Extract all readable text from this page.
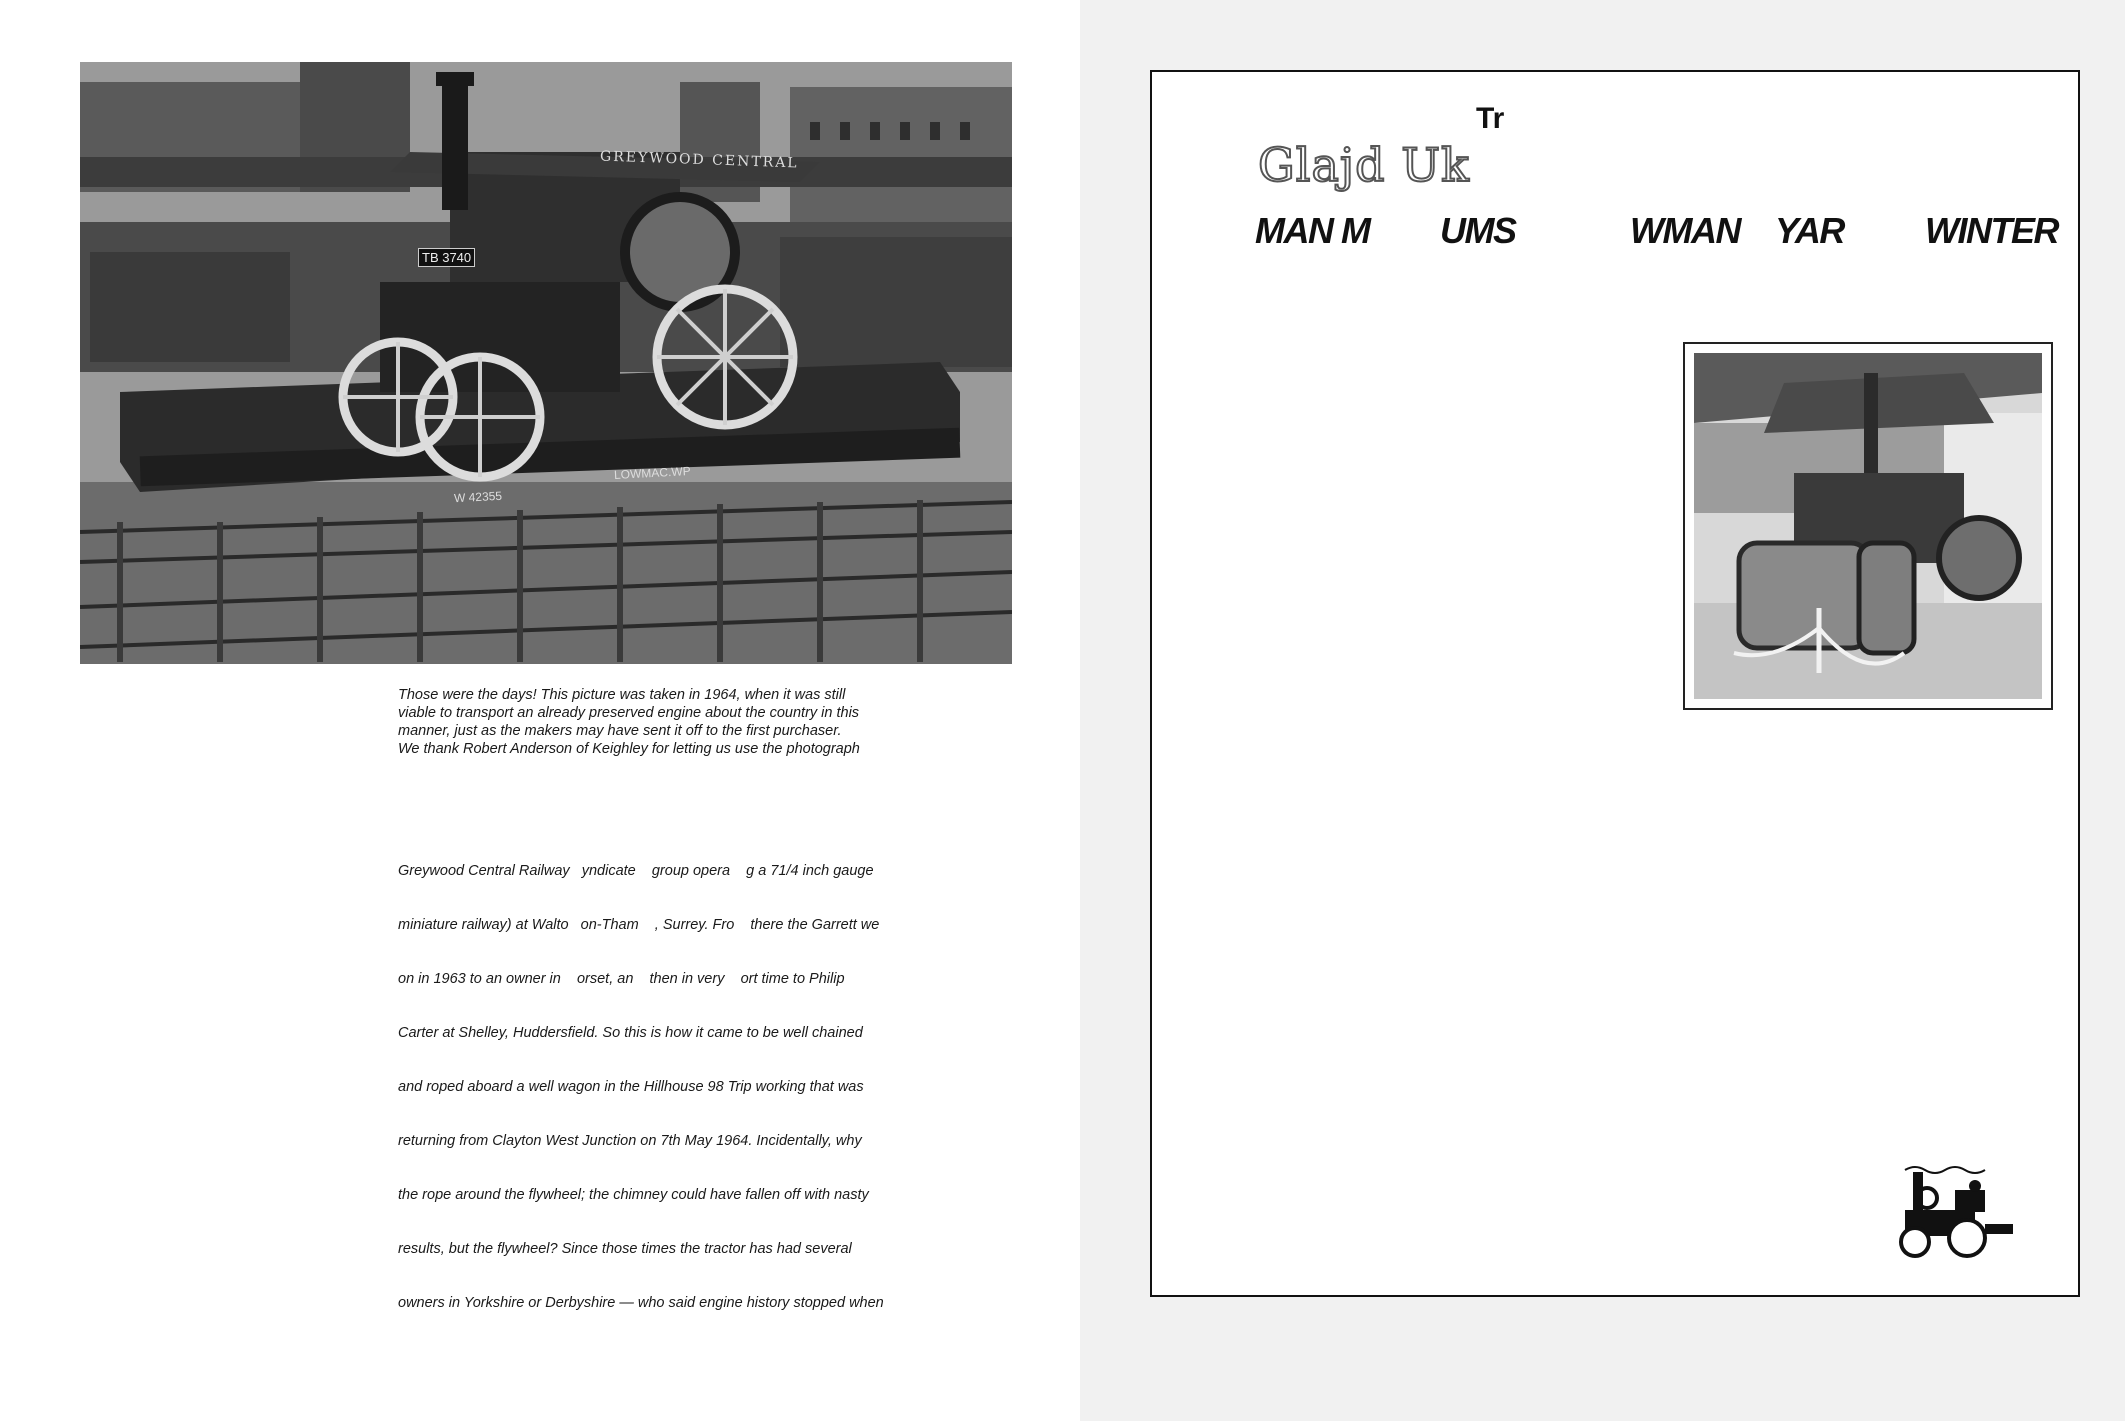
GREYWOOD CENTRAL
TB 3740
W 42355
LOWMAC.WP

Those were the days! This picture was taken in 1964, when it was still

viable to transport an already preserved engine about the country in this

manner, just as the makers may have sent it off to the first purchaser.

We thank Robert Anderson of Keighley for letting us use the photograph

Greywood Central Railway   yndicate    group opera    g a 71/4 inch gauge

miniature railway) at Walto   on-Tham    , Surrey. Fro    there the Garrett we

on in 1963 to an owner in    orset, an    then in very    ort time to Philip

Carter at Shelley, Huddersfield. So this is how it came to be well chained

and roped aboard a well wagon in the Hillhouse 98 Trip working that was

returning from Clayton West Junction on 7th May 1964. Incidentally, why

the rope around the flywheel; the chimney could have fallen off with nasty

results, but the flywheel? Since those times the tractor has had several

owners in Yorkshire or Derbyshire — who said engine history stopped when

Tr
Glajd Uk
MAN M UMS	WMAN YAR WINTER
